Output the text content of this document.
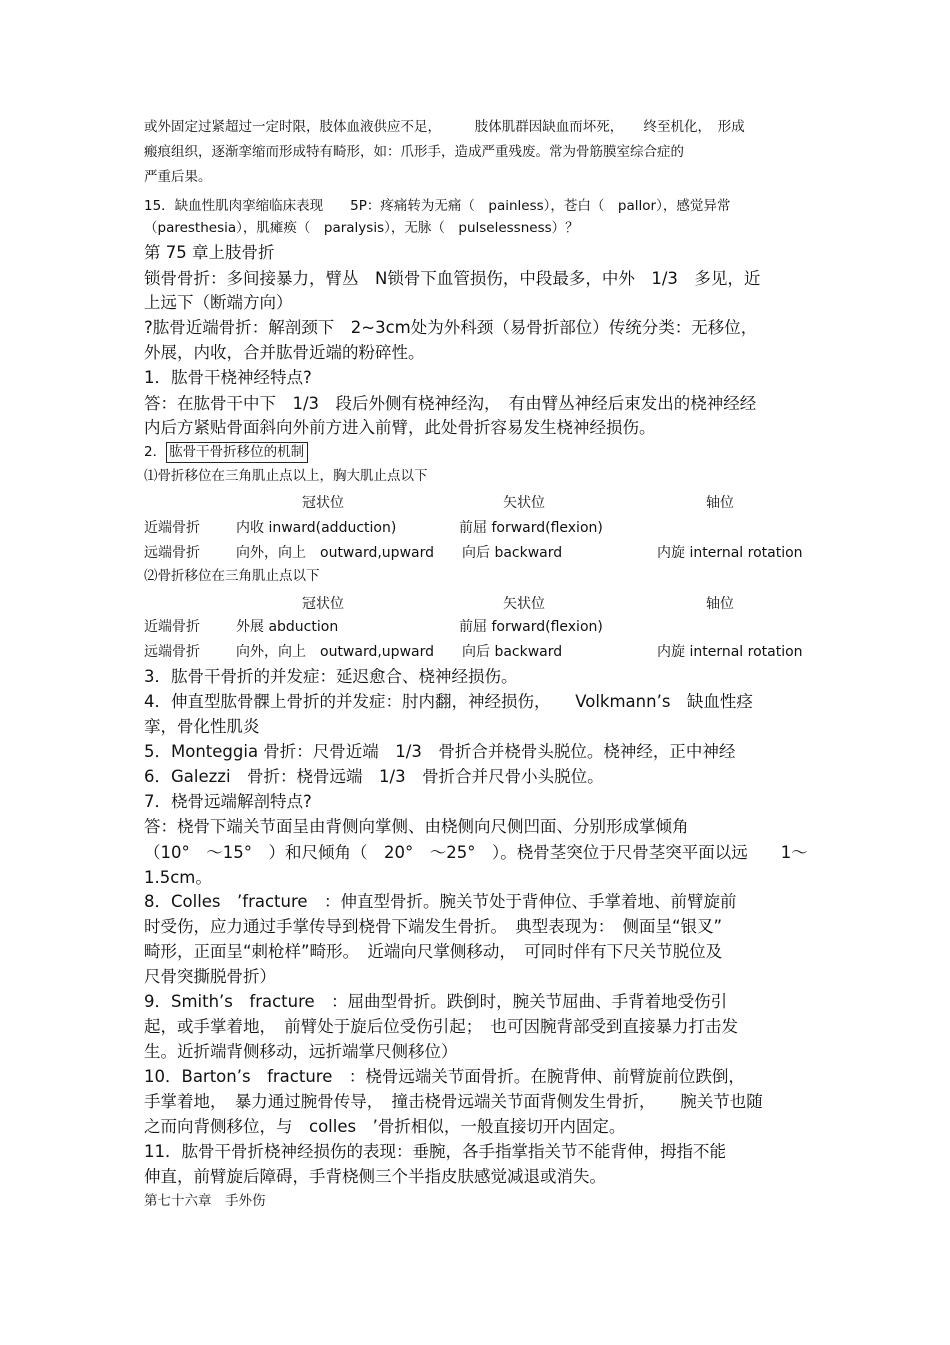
或外固定过紧超过一定时限，肢体血液供应不足，　　　肢体肌群因缺血而坏死，　　终至机化，　形成
瘢痕组织，逐渐挛缩而形成特有畸形，如：爪形手，造成严重残废。常为骨筋膜室综合症的
严重后果。
15．缺血性肌肉挛缩临床表现　　5P：疼痛转为无痛（　painless），苍白（　pallor），感觉异常
（paresthesia），肌瘫痪（　paralysis），无脉（　pulselessness）？
第 75 章上肢骨折
锁骨骨折：多间接暴力，臂丛　N锁骨下血管损伤，中段最多，中外　1/3　多见，近
上远下（断端方向）
?肱骨近端骨折：解剖颈下　2~3cm处为外科颈（易骨折部位）传统分类：无移位，
外展，内收，合并肱骨近端的粉碎性。
1．肱骨干桡神经特点?
答：在肱骨干中下　1/3　段后外侧有桡神经沟，　有由臂丛神经后束发出的桡神经经
内后方紧贴骨面斜向外前方进入前臂，此处骨折容易发生桡神经损伤。
2． 肱骨干骨折移位的机制
⑴骨折移位在三角肌止点以上，胸大肌止点以下
冠状位	矢状位	轴位
近端骨折	内收 inward(adduction)	前屈 forward(flexion)
远端骨折	向外，向上　outward,upward 向后 backward	内旋 internal rotation
⑵骨折移位在三角肌止点以下
冠状位	矢状位	轴位
近端骨折	外展 abduction	前屈 forward(flexion)
远端骨折	向外，向上　outward,upward 向后 backward	内旋 internal rotation
3．肱骨干骨折的并发症：延迟愈合、桡神经损伤。
4．伸直型肱骨髁上骨折的并发症：肘内翻，神经损伤，　　Volkmann’s　缺血性痉
挛，骨化性肌炎
5．Monteggia 骨折：尺骨近端　1/3　骨折合并桡骨头脱位。桡神经，正中神经
6．Galezzi　骨折：桡骨远端　1/3　骨折合并尺骨小头脱位。
7．桡骨远端解剖特点?
答：桡骨下端关节面呈由背侧向掌侧、由桡侧向尺侧凹面、分别形成掌倾角
（10°　～15°　）和尺倾角（　20°　～25°　）。桡骨茎突位于尺骨茎突平面以远　　1～
1.5cm。
8．Colles　’fracture　：伸直型骨折。腕关节处于背伸位、手掌着地、前臂旋前
时受伤，应力通过手掌传导到桡骨下端发生骨折。　典型表现为：　侧面呈“银叉”
畸形，正面呈“刺枪样”畸形。　近端向尺掌侧移动，　可同时伴有下尺关节脱位及
尺骨突撕脱骨折）
9．Smith’s　fracture　：屈曲型骨折。跌倒时，腕关节屈曲、手背着地受伤引
起，或手掌着地，　前臂处于旋后位受伤引起；　也可因腕背部受到直接暴力打击发
生。近折端背侧移动，远折端掌尺侧移位）
10．Barton’s　fracture　：桡骨远端关节面骨折。在腕背伸、前臂旋前位跌倒，
手掌着地，　暴力通过腕骨传导，　撞击桡骨远端关节面背侧发生骨折，　　腕关节也随
之而向背侧移位，与　colles　’骨折相似，一般直接切开内固定。
11．肱骨干骨折桡神经损伤的表现：垂腕，各手指掌指关节不能背伸，拇指不能
伸直，前臂旋后障碍，手背桡侧三个半指皮肤感觉减退或消失。
第七十六章　手外伤
